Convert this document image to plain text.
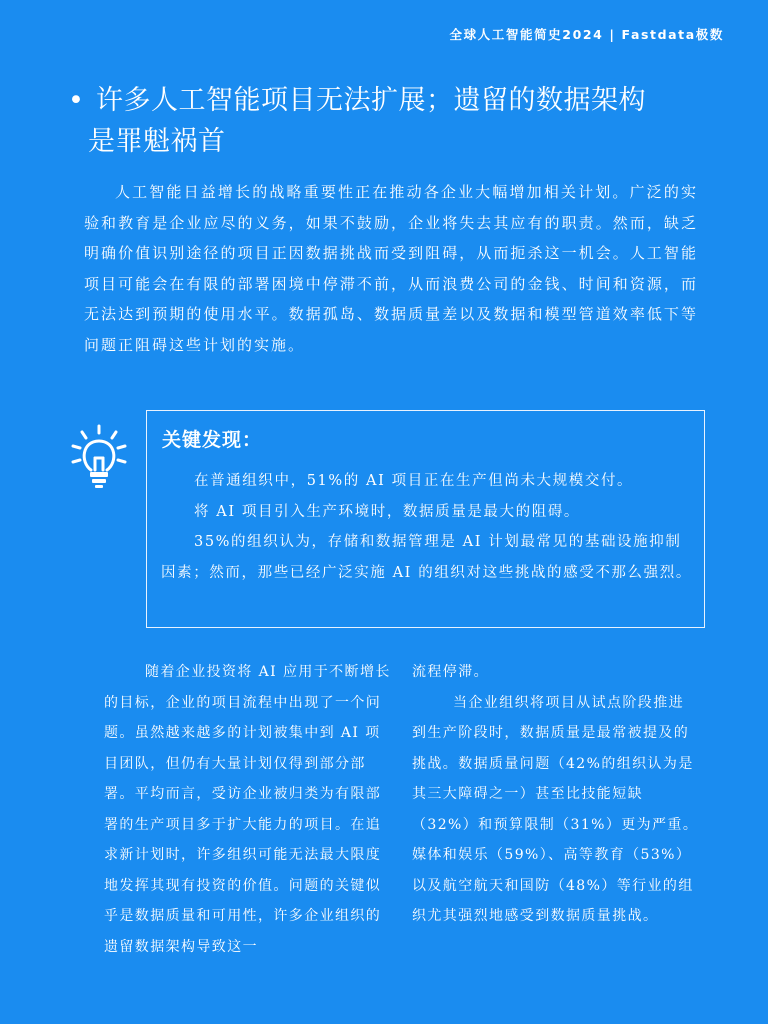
全球人工智能简史2024 | Fastdata极数
• 许多人工智能项目无法扩展；遗留的数据架构
是罪魁祸首

人工智能日益增长的战略重要性正在推动各企业大幅增加相关计划。广泛的实验和教育是企业应尽的义务，如果不鼓励，企业将失去其应有的职责。然而，缺乏明确价值识别途径的项目正因数据挑战而受到阻碍，从而扼杀这一机会。人工智能项目可能会在有限的部署困境中停滞不前，从而浪费公司的金钱、时间和资源，而无法达到预期的使用水平。数据孤岛、数据质量差以及数据和模型管道效率低下等问题正阻碍这些计划的实施。

关键发现：

在普通组织中，51%的 AI 项目正在生产但尚未大规模交付。

将 AI 项目引入生产环境时，数据质量是最大的阻碍。

35%的组织认为，存储和数据管理是 AI 计划最常见的基础设施抑制因素；然而，那些已经广泛实施 AI 的组织对这些挑战的感受不那么强烈。

随着企业投资将 AI 应用于不断增长的目标，企业的项目流程中出现了一个问题。虽然越来越多的计划被集中到 AI 项目团队，但仍有大量计划仅得到部分部署。平均而言，受访企业被归类为有限部署的生产项目多于扩大能力的项目。在追求新计划时，许多组织可能无法最大限度地发挥其现有投资的价值。问题的关键似乎是数据质量和可用性，许多企业组织的遗留数据架构导致这一

流程停滞。

当企业组织将项目从试点阶段推进到生产阶段时，数据质量是最常被提及的挑战。数据质量问题（42%的组织认为是其三大障碍之一）甚至比技能短缺（32%）和预算限制（31%）更为严重。媒体和娱乐（59%）、高等教育（53%）以及航空航天和国防（48%）等行业的组织尤其强烈地感受到数据质量挑战。
